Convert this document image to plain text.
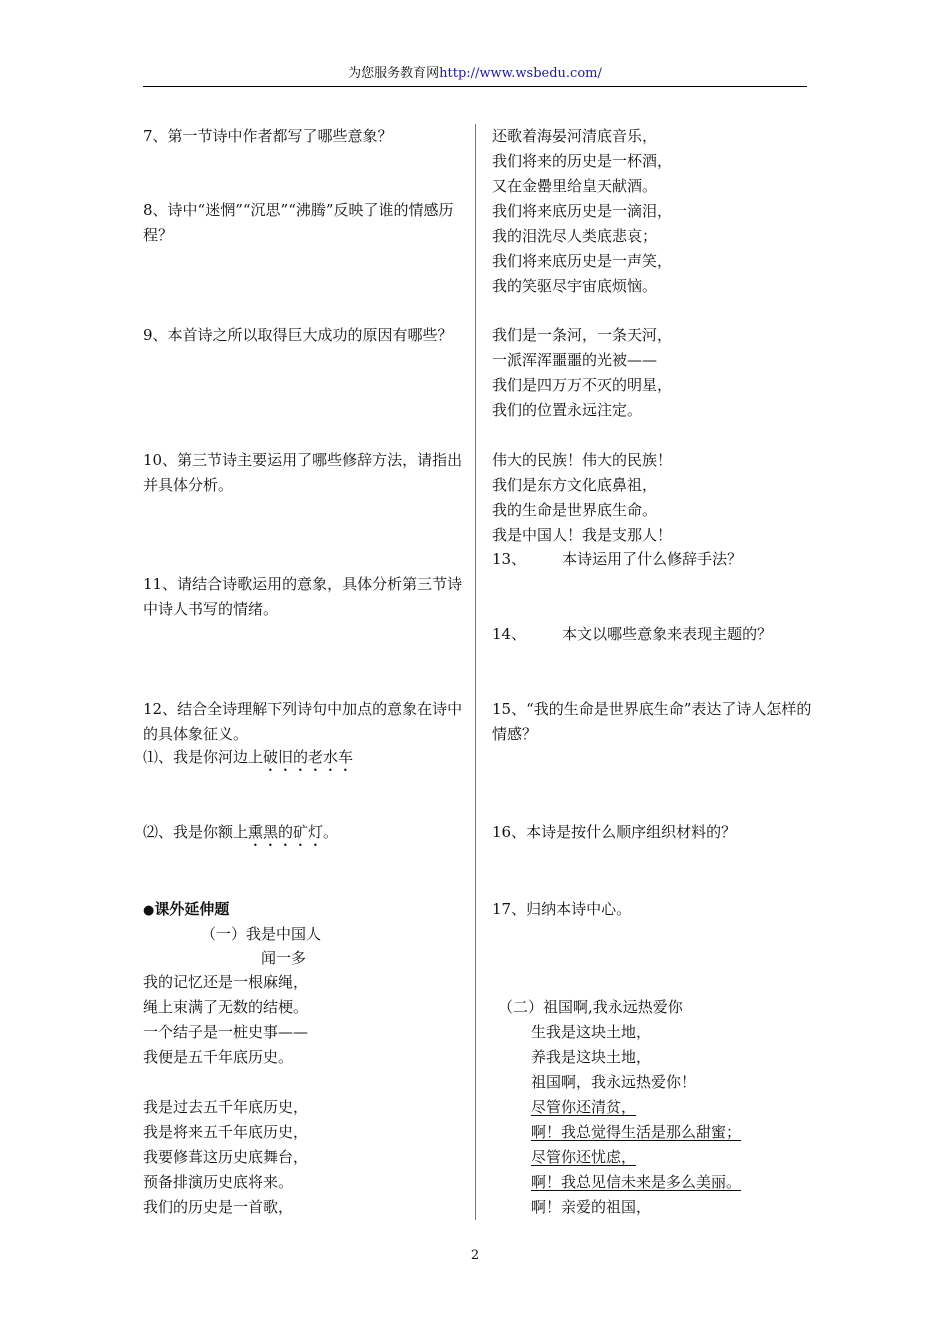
为您服务教育网http://www.wsbedu.com/
7、第一节诗中作者都写了哪些意象？
8、诗中“迷惘”“沉思”“沸腾”反映了谁的情感历程？
9、本首诗之所以取得巨大成功的原因有哪些？
10、第三节诗主要运用了哪些修辞方法，请指出并具体分析。
11、请结合诗歌运用的意象，具体分析第三节诗中诗人书写的情绪。
12、结合全诗理解下列诗句中加点的意象在诗中的具体象征义。
⑴、我是你河边上破旧的老水车
⑵、我是你额上熏黑的矿灯。
●课外延伸题
（一）我是中国人
闻一多
我的记忆还是一根麻绳，
绳上束满了无数的结梗。
一个结子是一桩史事——
我便是五千年底历史。
我是过去五千年底历史，
我是将来五千年底历史，
我要修葺这历史底舞台，
预备排演历史底将来。
我们的历史是一首歌，
还歌着海晏河清底音乐，
我们将来的历史是一杯酒，
又在金罍里给皇天献酒。
我们将来底历史是一滴泪，
我的泪洗尽人类底悲哀；
我们将来底历史是一声笑，
我的笑驱尽宇宙底烦恼。
我们是一条河，一条天河，
一派浑浑噩噩的光被——
我们是四万万不灭的明星，
我们的位置永远注定。
伟大的民族！伟大的民族！
我们是东方文化底鼻祖，
我的生命是世界底生命。
我是中国人！我是支那人！
13、 本诗运用了什么修辞手法？
14、 本文以哪些意象来表现主题的？
15、“我的生命是世界底生命”表达了诗人怎样的情感？
16、本诗是按什么顺序组织材料的？
17、归纳本诗中心。
（二）祖国啊,我永远热爱你
生我是这块土地，
养我是这块土地，
祖国啊，我永远热爱你！
尽管你还清贫，
啊！我总觉得生活是那么甜蜜；
尽管你还忧虑，
啊！我总见信未来是多么美丽。
啊！亲爱的祖国，
2
